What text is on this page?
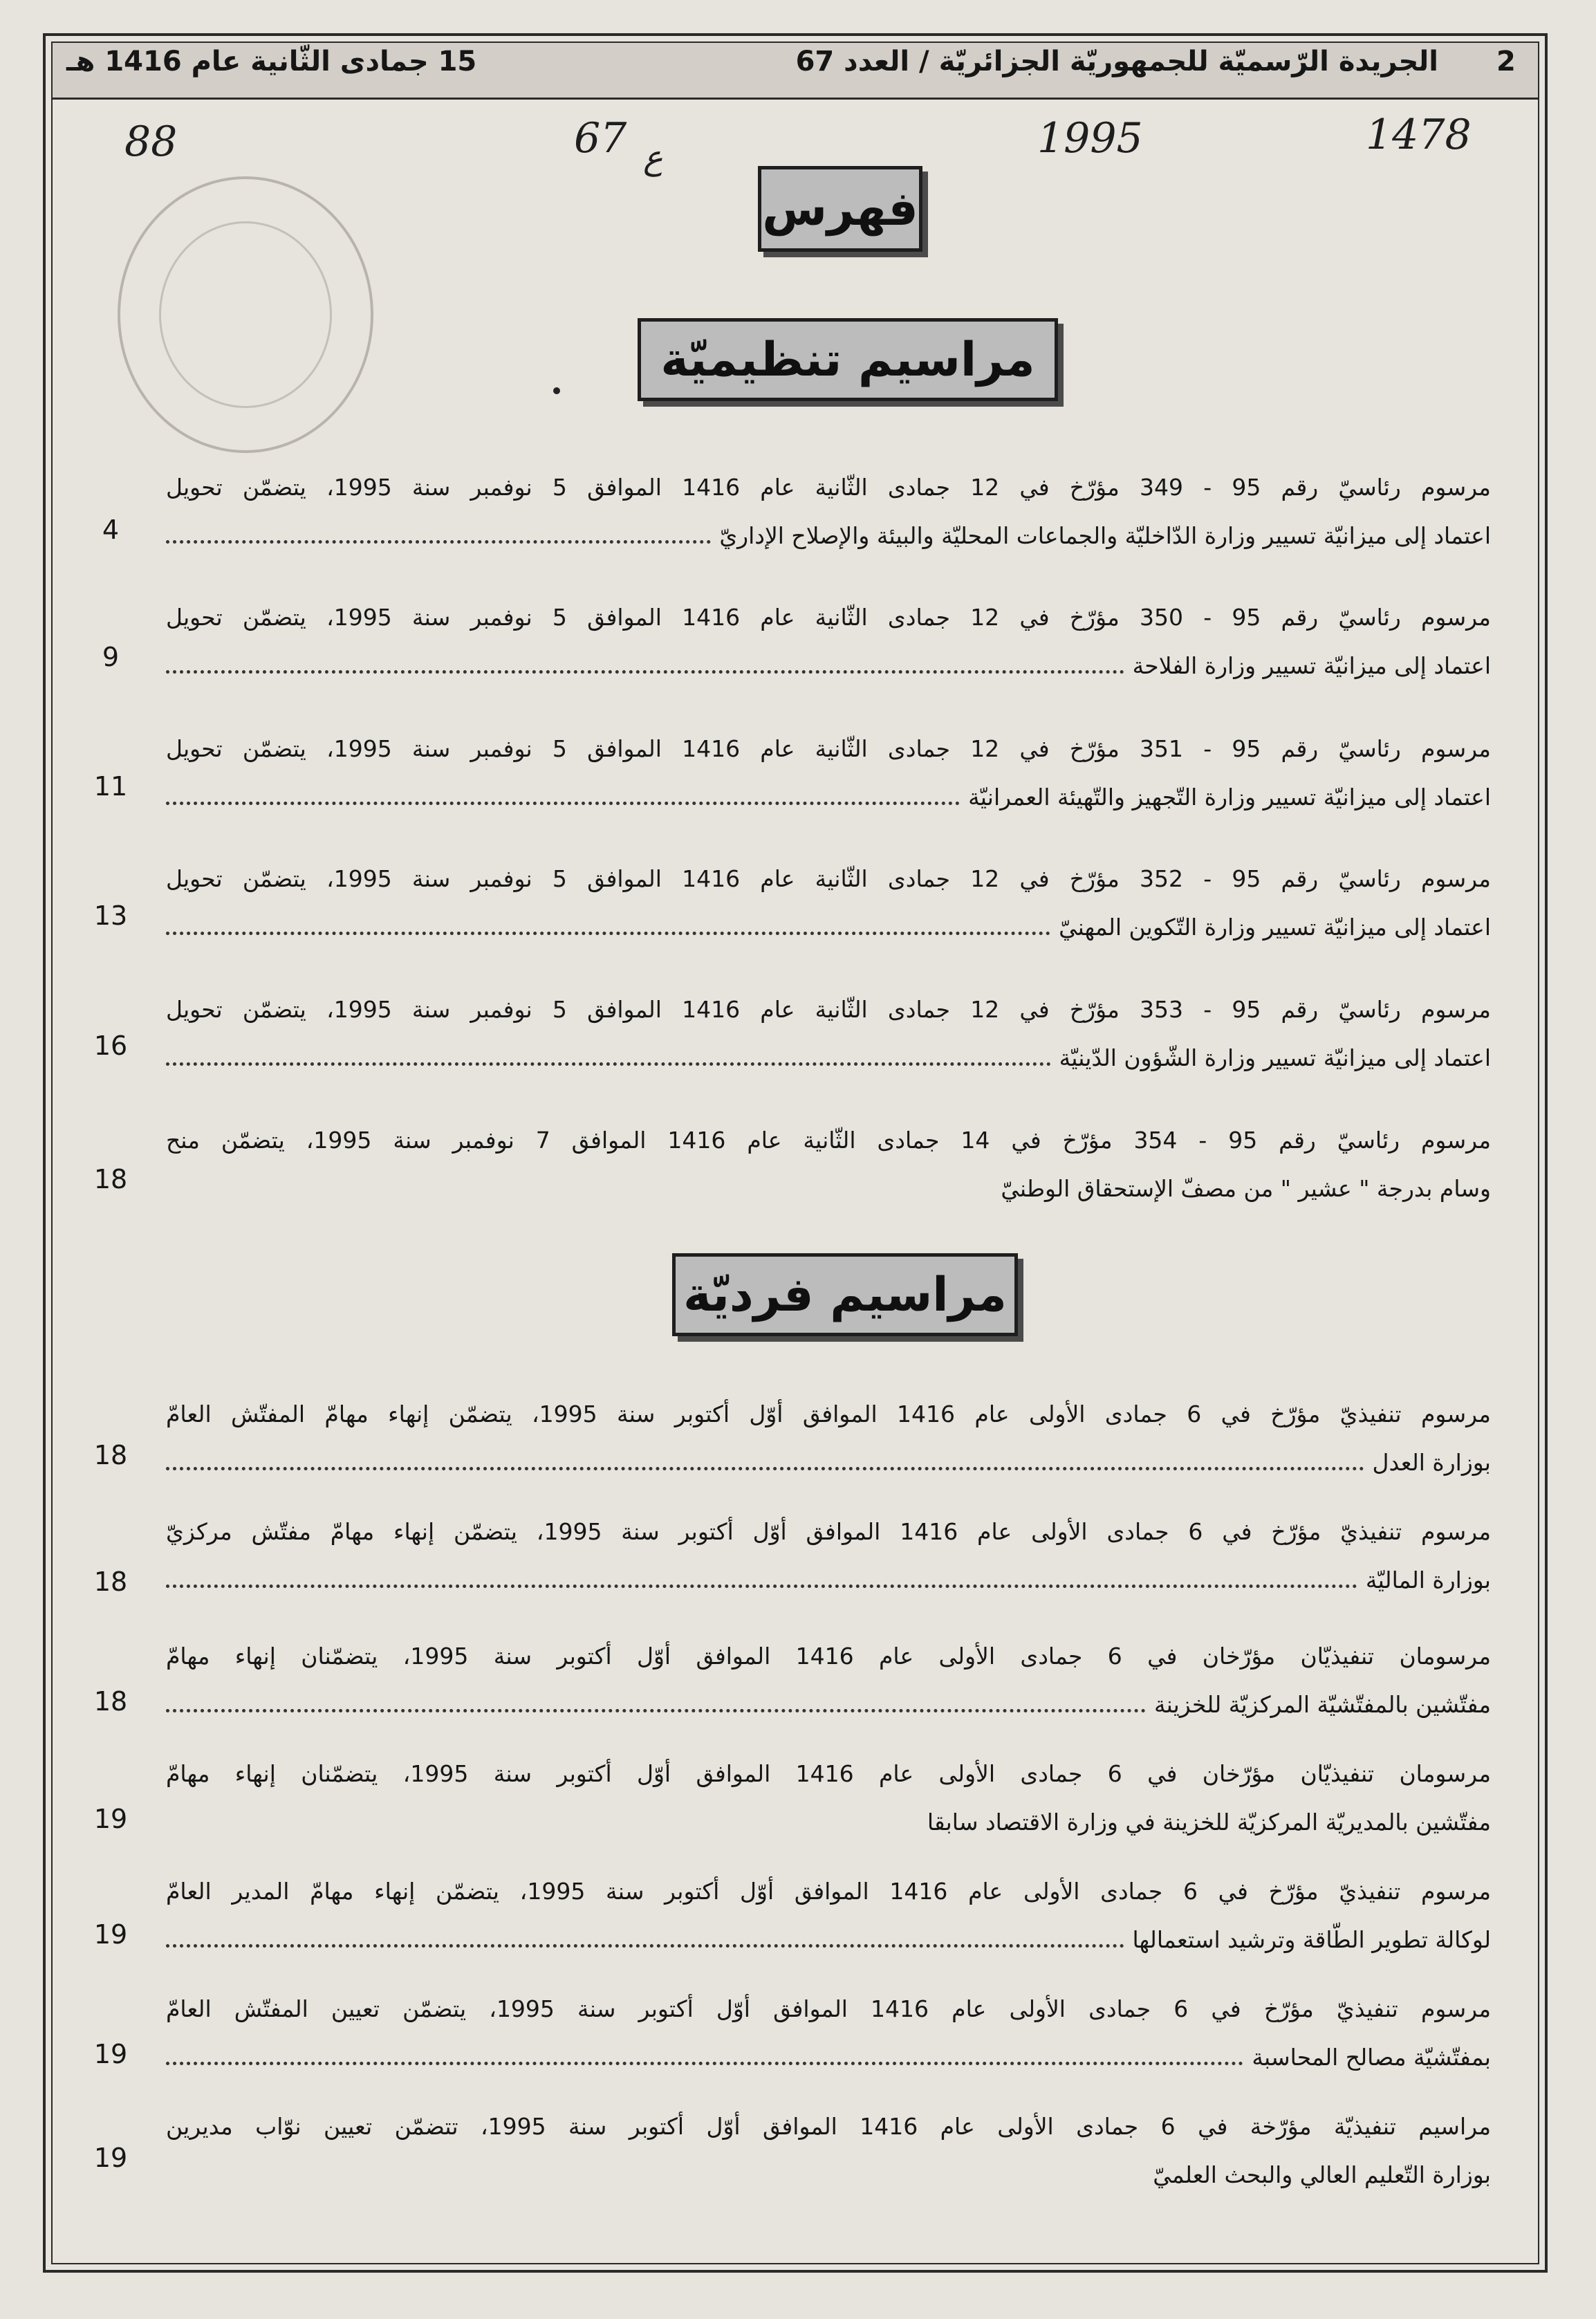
2
الجريدة الرّسميّة للجمهوريّة الجزائريّة / العدد 67
15 جمادى الثّانية عام 1416 هـ
1478
1995
67 ع
88
فهرس
مراسيم تنظيميّة
مراسيم فرديّة
مرسوم رئاسيّ رقم 95 - 349 مؤرّخ في 12 جمادى الثّانية عام 1416 الموافق 5 نوفمبر سنة 1995، يتضمّن تحويل
اعتماد إلى ميزانيّة تسيير وزارة الدّاخليّة والجماعات المحليّة والبيئة والإصلاح الإداريّ
4
مرسوم رئاسيّ رقم 95 - 350 مؤرّخ في 12 جمادى الثّانية عام 1416 الموافق 5 نوفمبر سنة 1995، يتضمّن تحويل
اعتماد إلى ميزانيّة تسيير وزارة الفلاحة
9
مرسوم رئاسيّ رقم 95 - 351 مؤرّخ في 12 جمادى الثّانية عام 1416 الموافق 5 نوفمبر سنة 1995، يتضمّن تحويل
اعتماد إلى ميزانيّة تسيير وزارة التّجهيز والتّهيئة العمرانيّة
11
مرسوم رئاسيّ رقم 95 - 352 مؤرّخ في 12 جمادى الثّانية عام 1416 الموافق 5 نوفمبر سنة 1995، يتضمّن تحويل
اعتماد إلى ميزانيّة تسيير وزارة التّكوين المهنيّ
13
مرسوم رئاسيّ رقم 95 - 353 مؤرّخ في 12 جمادى الثّانية عام 1416 الموافق 5 نوفمبر سنة 1995، يتضمّن تحويل
اعتماد إلى ميزانيّة تسيير وزارة الشّؤون الدّينيّة
16
مرسوم رئاسيّ رقم 95 - 354 مؤرّخ في 14 جمادى الثّانية عام 1416 الموافق 7 نوفمبر سنة 1995، يتضمّن منح
وسام بدرجة " عشير " من مصفّ الإستحقاق الوطنيّ
18
مرسوم تنفيذيّ مؤرّخ في 6 جمادى الأولى عام 1416 الموافق أوّل أكتوبر سنة 1995، يتضمّن إنهاء مهامّ المفتّش العامّ
بوزارة العدل
18
مرسوم تنفيذيّ مؤرّخ في 6 جمادى الأولى عام 1416 الموافق أوّل أكتوبر سنة 1995، يتضمّن إنهاء مهامّ مفتّش مركزيّ
بوزارة الماليّة
18
مرسومان تنفيذيّان مؤرّخان في 6 جمادى الأولى عام 1416 الموافق أوّل أكتوبر سنة 1995، يتضمّنان إنهاء مهامّ
مفتّشين بالمفتّشيّة المركزيّة للخزينة
18
مرسومان تنفيذيّان مؤرّخان في 6 جمادى الأولى عام 1416 الموافق أوّل أكتوبر سنة 1995، يتضمّنان إنهاء مهامّ
مفتّشين بالمديريّة المركزيّة للخزينة في وزارة الاقتصاد سابقا
19
مرسوم تنفيذيّ مؤرّخ في 6 جمادى الأولى عام 1416 الموافق أوّل أكتوبر سنة 1995، يتضمّن إنهاء مهامّ المدير العامّ
لوكالة تطوير الطّاقة وترشيد استعمالها
19
مرسوم تنفيذيّ مؤرّخ في 6 جمادى الأولى عام 1416 الموافق أوّل أكتوبر سنة 1995، يتضمّن تعيين المفتّش العامّ
بمفتّشيّة مصالح المحاسبة
19
مراسيم تنفيذيّة مؤرّخة في 6 جمادى الأولى عام 1416 الموافق أوّل أكتوبر سنة 1995، تتضمّن تعيين نوّاب مديرين
بوزارة التّعليم العالي والبحث العلميّ
19
